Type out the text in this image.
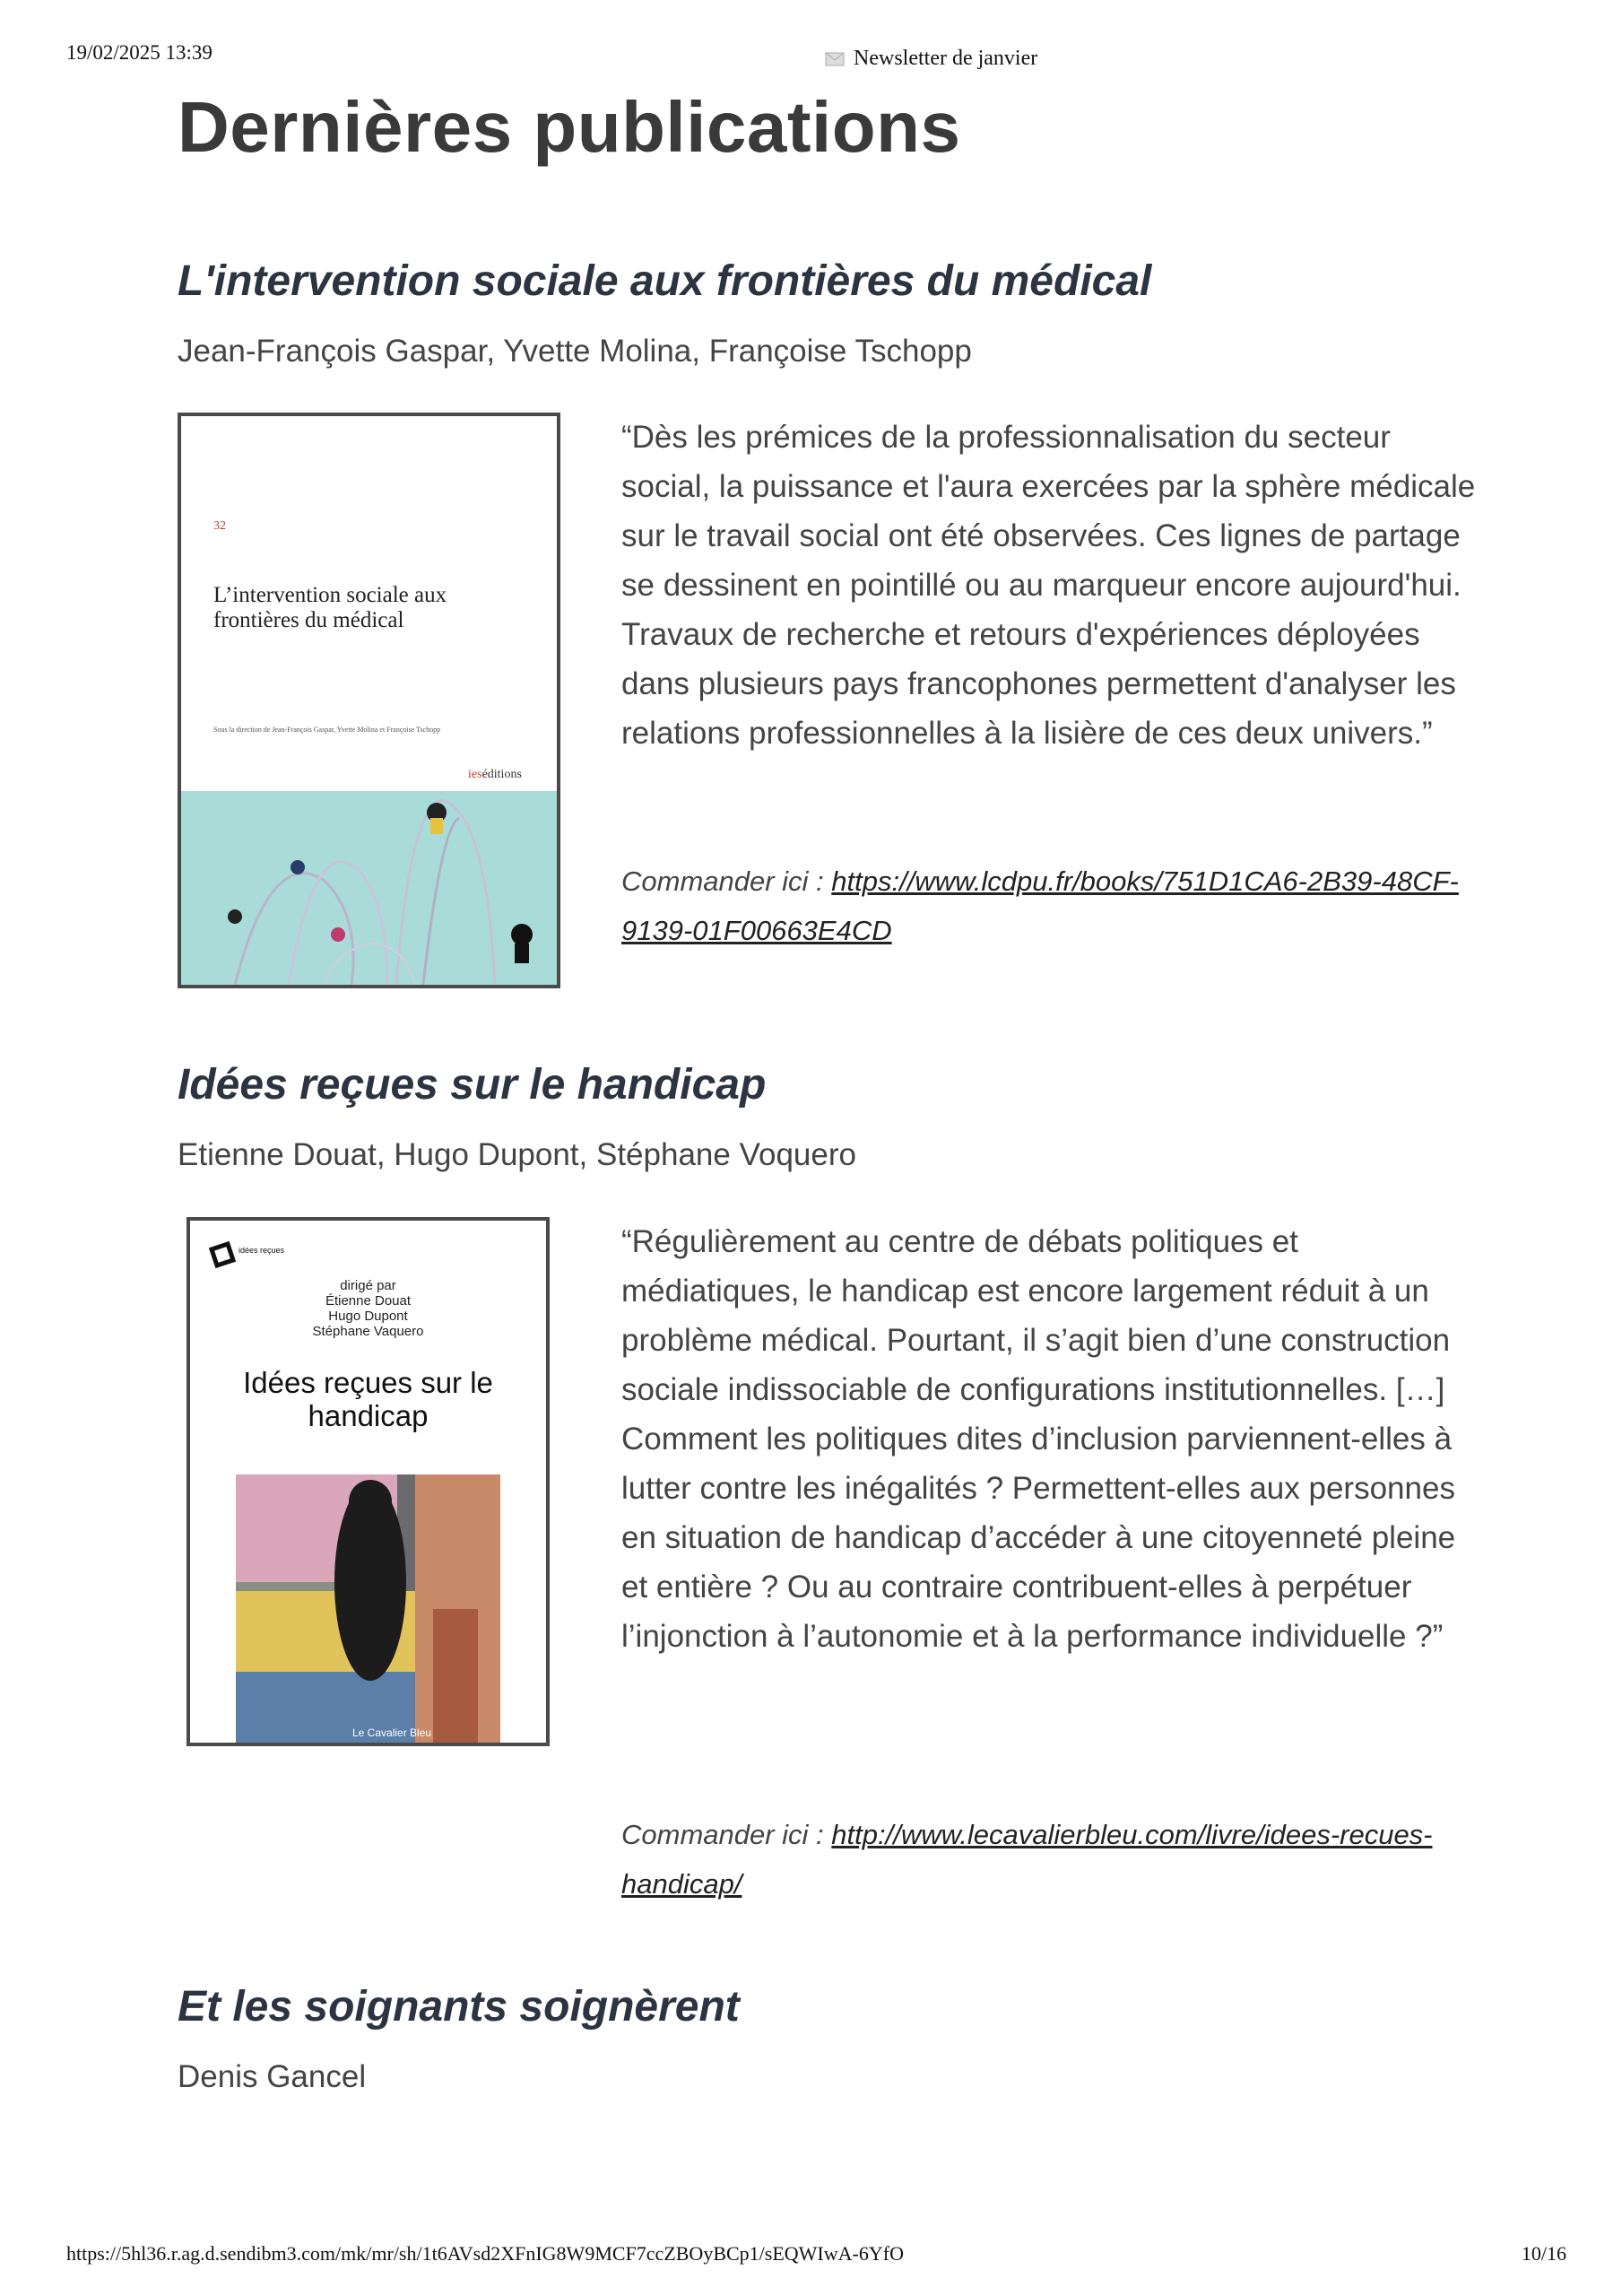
19/02/2025 13:39	Newsletter de janvier
Dernières publications
L'intervention sociale aux frontières du médical

Jean-François Gaspar, Yvette Molina, Françoise Tschopp

32
L’intervention sociale aux frontières du médical
Sous la direction de Jean-François Gaspar, Yvette Molina et Françoise Tschopp
ieséditions

“Dès les prémices de la professionnalisation du secteur social, la puissance et l'aura exercées par la sphère médicale sur le travail social ont été observées. Ces lignes de partage se dessinent en pointillé ou au marqueur encore aujourd'hui. Travaux de recherche et retours d'expériences déployées dans plusieurs pays francophones permettent d'analyser les relations professionnelles à la lisière de ces deux univers.”

Commander ici : https://www.lcdpu.fr/books/751D1CA6-2B39-48CF-9139-01F00663E4CD

Idées reçues sur le handicap

Etienne Douat, Hugo Dupont, Stéphane Voquero

idées reçues
dirigé par
Étienne Douat
Hugo Dupont
Stéphane Vaquero
Idées reçues sur le handicap
Le Cavalier Bleu

“Régulièrement au centre de débats politiques et médiatiques, le handicap est encore largement réduit à un problème médical. Pourtant, il s’agit bien d’une construction sociale indissociable de configurations institutionnelles. […] Comment les politiques dites d’inclusion parviennent-elles à lutter contre les inégalités ? Permettent-elles aux personnes en situation de handicap d’accéder à une citoyenneté pleine et entière ? Ou au contraire contribuent-elles à perpétuer l’injonction à l’autonomie et à la performance individuelle ?”

Commander ici : http://www.lecavalierbleu.com/livre/idees-recues-handicap/

Et les soignants soignèrent

Denis Gancel

https://5hl36.r.ag.d.sendibm3.com/mk/mr/sh/1t6AVsd2XFnIG8W9MCF7ccZBOyBCp1/sEQWIwA-6YfO	10/16
